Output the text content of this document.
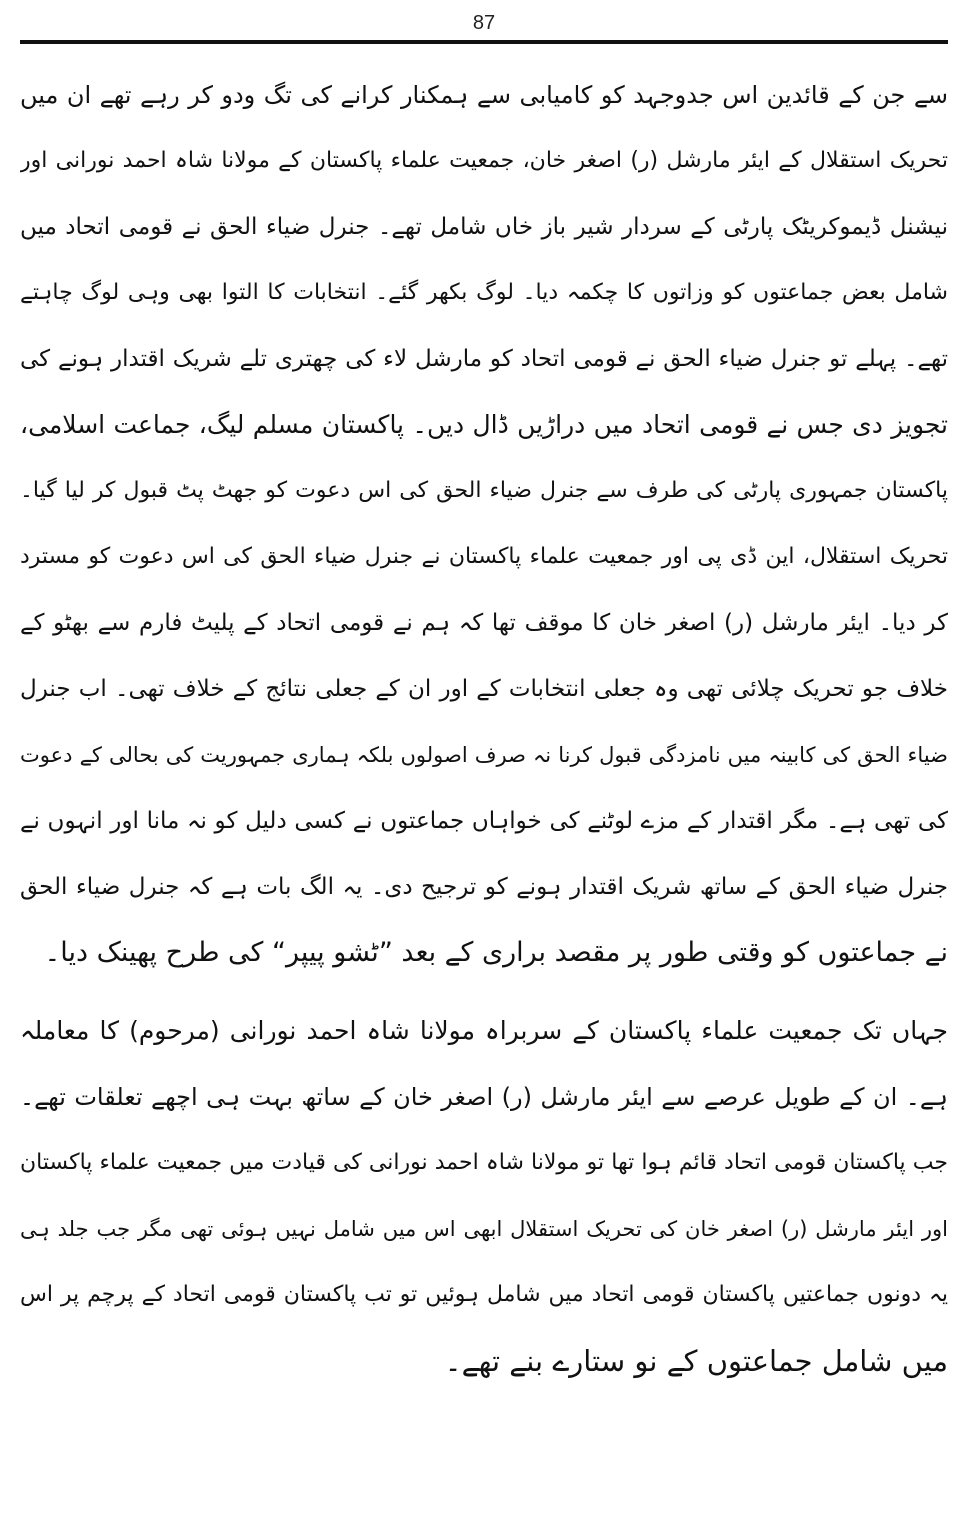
87

سے جن کے قائدین اس جدوجہد کو کامیابی سے ہمکنار کرانے کی تگ ودو کر رہے تھے ان میں
تحریک استقلال کے ایئر مارشل (ر) اصغر خان، جمعیت علماء پاکستان کے مولانا شاہ احمد نورانی اور
نیشنل ڈیموکریٹک پارٹی کے سردار شیر باز خاں شامل تھے۔ جنرل ضیاء الحق نے قومی اتحاد میں
شامل بعض جماعتوں کو وزاتوں کا چکمہ دیا۔ لوگ بکھر گئے۔ انتخابات کا التوا بھی وہی لوگ چاہتے
تھے۔ پہلے تو جنرل ضیاء الحق نے قومی اتحاد کو مارشل لاء کی چھتری تلے شریک اقتدار ہونے کی
تجویز دی جس نے قومی اتحاد میں دراڑیں ڈال دیں۔ پاکستان مسلم لیگ، جماعت اسلامی،
پاکستان جمہوری پارٹی کی طرف سے جنرل ضیاء الحق کی اس دعوت کو جھٹ پٹ قبول کر لیا گیا۔
تحریک استقلال، این ڈی پی اور جمعیت علماء پاکستان نے جنرل ضیاء الحق کی اس دعوت کو مسترد
کر دیا۔ ایئر مارشل (ر) اصغر خان کا موقف تھا کہ ہم نے قومی اتحاد کے پلیٹ فارم سے بھٹو کے
خلاف جو تحریک چلائی تھی وہ جعلی انتخابات کے اور ان کے جعلی نتائج کے خلاف تھی۔ اب جنرل
ضیاء الحق کی کابینہ میں نامزدگی قبول کرنا نہ صرف اصولوں بلکہ ہماری جمہوریت کی بحالی کے دعوت
کی تھی ہے۔ مگر اقتدار کے مزے لوٹنے کی خواہاں جماعتوں نے کسی دلیل کو نہ مانا اور انہوں نے
جنرل ضیاء الحق کے ساتھ شریک اقتدار ہونے کو ترجیح دی۔ یہ الگ بات ہے کہ جنرل ضیاء الحق
نے جماعتوں کو وقتی طور پر مقصد براری کے بعد ”ٹشو پیپر“ کی طرح پھینک دیا۔

جہاں تک جمعیت علماء پاکستان کے سربراہ مولانا شاہ احمد نورانی (مرحوم) کا معاملہ
ہے۔ ان کے طویل عرصے سے ایئر مارشل (ر) اصغر خان کے ساتھ بہت ہی اچھے تعلقات تھے۔
جب پاکستان قومی اتحاد قائم ہوا تھا تو مولانا شاہ احمد نورانی کی قیادت میں جمعیت علماء پاکستان
اور ایئر مارشل (ر) اصغر خان کی تحریک استقلال ابھی اس میں شامل نہیں ہوئی تھی مگر جب جلد ہی
یہ دونوں جماعتیں پاکستان قومی اتحاد میں شامل ہوئیں تو تب پاکستان قومی اتحاد کے پرچم پر اس
میں شامل جماعتوں کے نو ستارے بنے تھے۔
